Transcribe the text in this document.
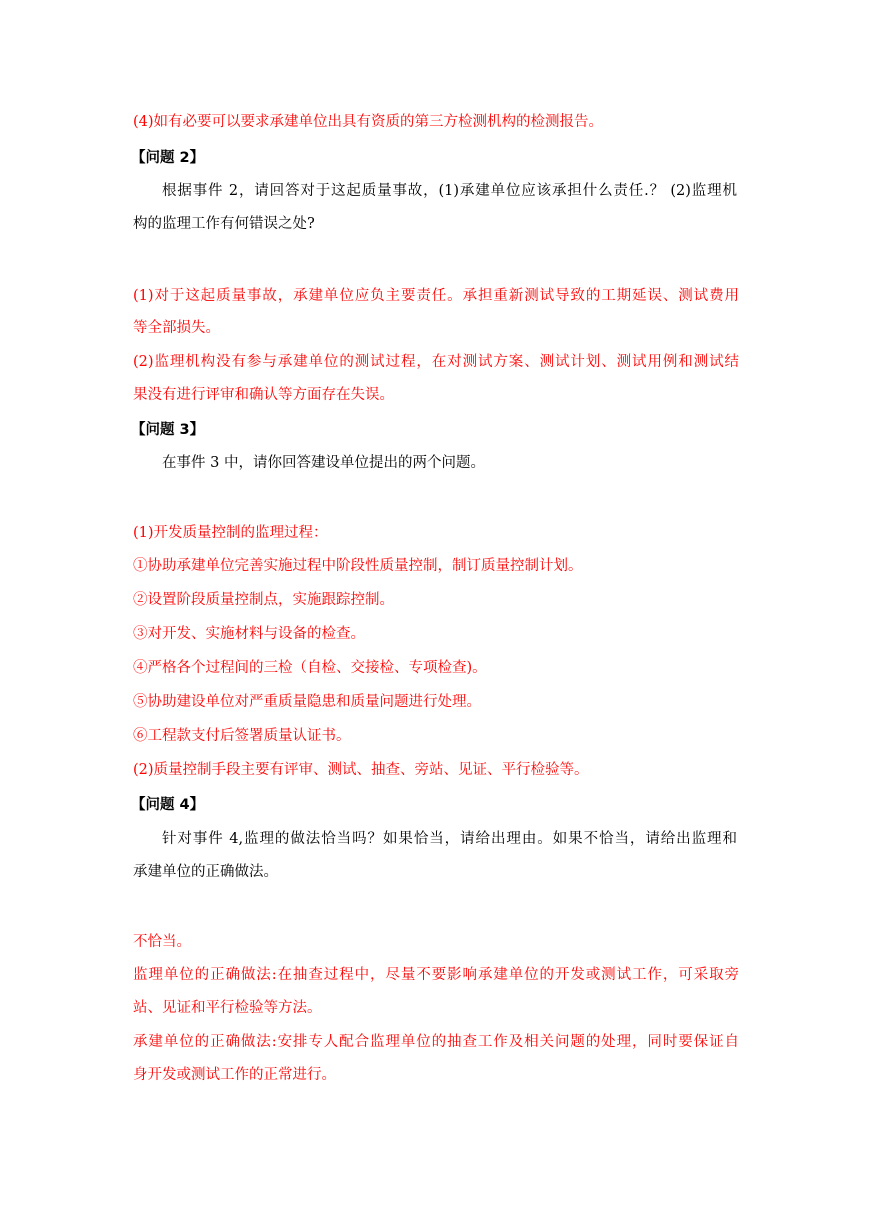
(4)如有必要可以要求承建单位出具有资质的第三方检测机构的检测报告。
【问题 2】
根据事件 2，请回答对于这起质量事故，(1)承建单位应该承担什么责任.？ (2)监理机
构的监理工作有何错误之处?
(1)对于这起质量事故，承建单位应负主要责任。承担重新测试导致的工期延误、测试费用
等全部损失。
(2)监理机构没有参与承建单位的测试过程，在对测试方案、测试计划、测试用例和测试结
果没有进行评审和确认等方面存在失误。
【问题 3】
在事件 3 中，请你回答建设单位提出的两个问题。
(1)开发质量控制的监理过程：
①协助承建单位完善实施过程中阶段性质量控制，制订质量控制计划。
②设置阶段质量控制点，实施跟踪控制。
③对开发、实施材料与设备的检查。
④严格各个过程间的三检（自检、交接检、专项检查)。
⑤协助建设单位对严重质量隐患和质量问题进行处理。
⑥工程款支付后签署质量认证书。
(2)质量控制手段主要有评审、测试、抽查、旁站、见证、平行检验等。
【问题 4】
针对事件 4,监理的做法恰当吗？如果恰当，请给出理由。如果不恰当，请给出监理和
承建单位的正确做法。
不恰当。
监理单位的正确做法:在抽查过程中，尽量不要影响承建单位的开发或测试工作，可采取旁
站、见证和平行检验等方法。
承建单位的正确做法:安排专人配合监理单位的抽查工作及相关问题的处理，同时要保证自
身开发或测试工作的正常进行。
